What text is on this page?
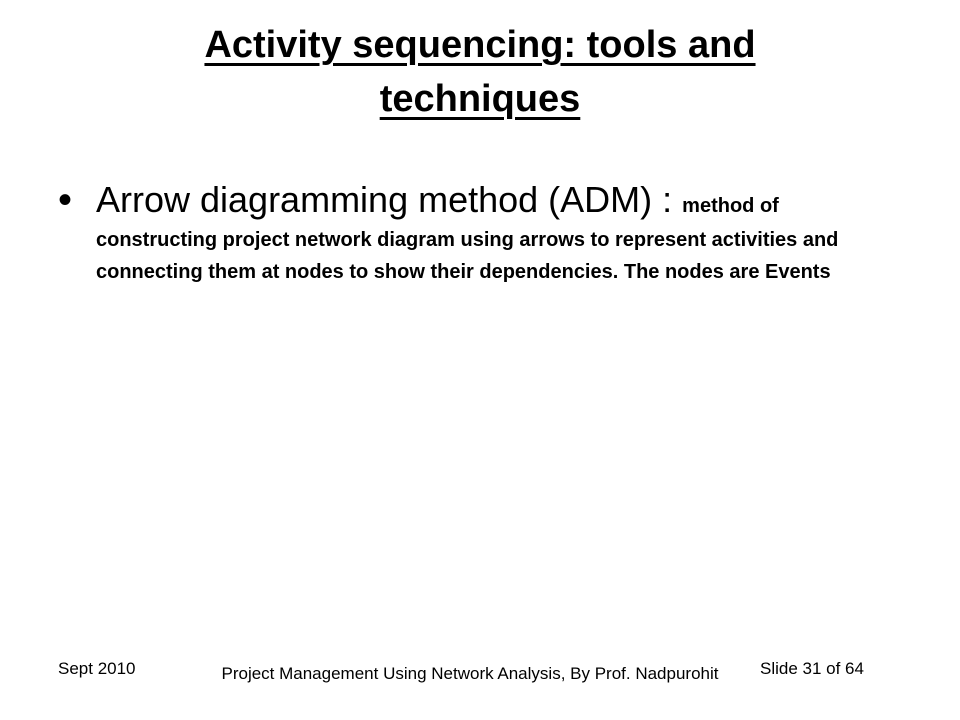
Activity sequencing: tools and techniques
• Arrow diagramming method (ADM) : method of constructing project network diagram using arrows to represent activities and connecting them at nodes to show their dependencies. The nodes are Events
Sept 2010	Project Management Using Network Analysis, By Prof. Nadpurohit	Slide 31 of 64
